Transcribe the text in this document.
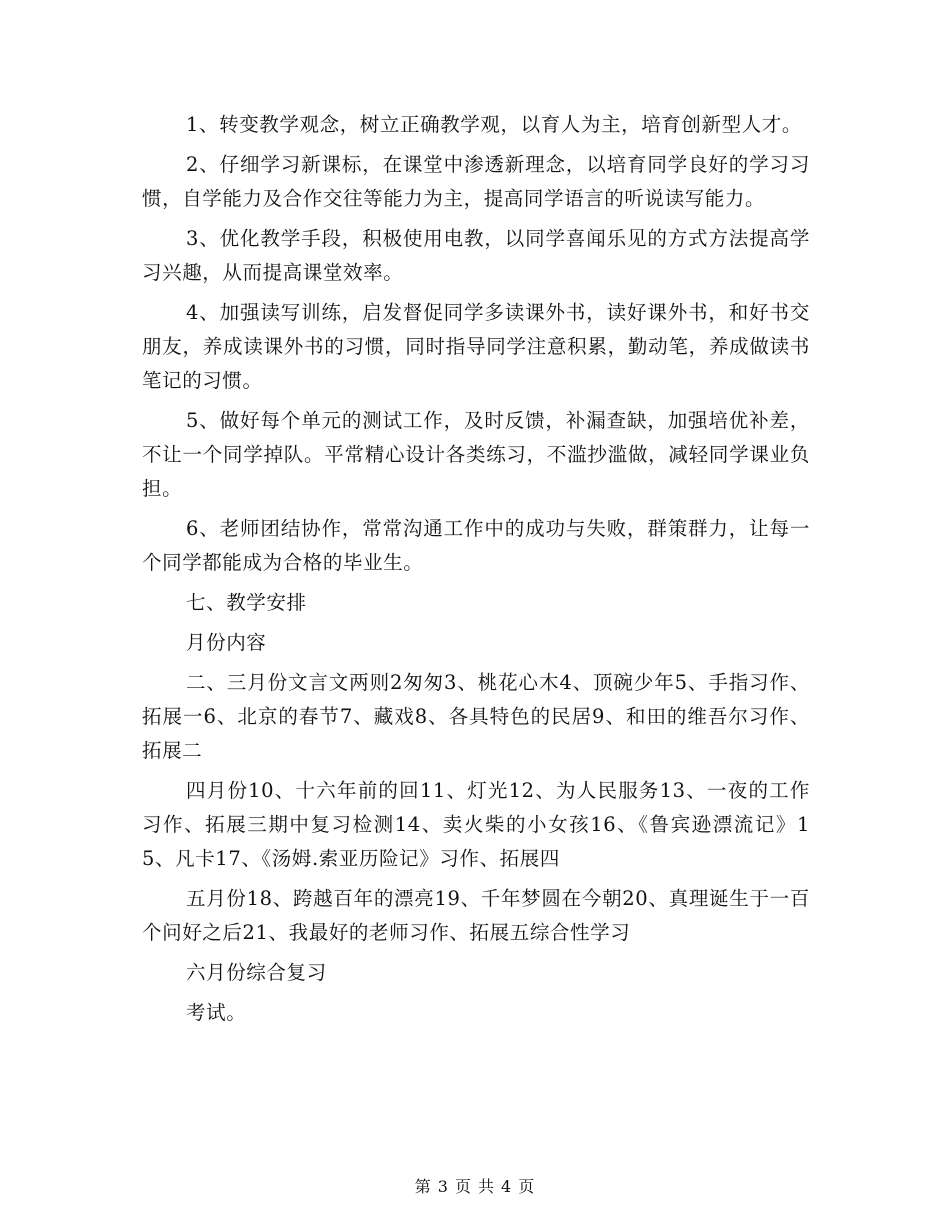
1、转变教学观念，树立正确教学观，以育人为主，培育创新型人才。

2、仔细学习新课标，在课堂中渗透新理念，以培育同学良好的学习习惯，自学能力及合作交往等能力为主，提高同学语言的听说读写能力。

3、优化教学手段，积极使用电教，以同学喜闻乐见的方式方法提高学习兴趣，从而提高课堂效率。

4、加强读写训练，启发督促同学多读课外书，读好课外书，和好书交朋友，养成读课外书的习惯，同时指导同学注意积累，勤动笔，养成做读书笔记的习惯。

5、做好每个单元的测试工作，及时反馈，补漏查缺，加强培优补差，不让一个同学掉队。平常精心设计各类练习，不滥抄滥做，减轻同学课业负担。

6、老师团结协作，常常沟通工作中的成功与失败，群策群力，让每一个同学都能成为合格的毕业生。

七、教学安排

月份内容

二、三月份文言文两则2匆匆3、桃花心木4、顶碗少年5、手指习作、拓展一6、北京的春节7、藏戏8、各具特色的民居9、和田的维吾尔习作、拓展二

四月份10、十六年前的回11、灯光12、为人民服务13、一夜的工作习作、拓展三期中复习检测14、卖火柴的小女孩16、《鲁宾逊漂流记》15、凡卡17、《汤姆.索亚历险记》习作、拓展四

五月份18、跨越百年的漂亮19、千年梦圆在今朝20、真理诞生于一百个问好之后21、我最好的老师习作、拓展五综合性学习

六月份综合复习

考试。

第 3 页 共 4 页
